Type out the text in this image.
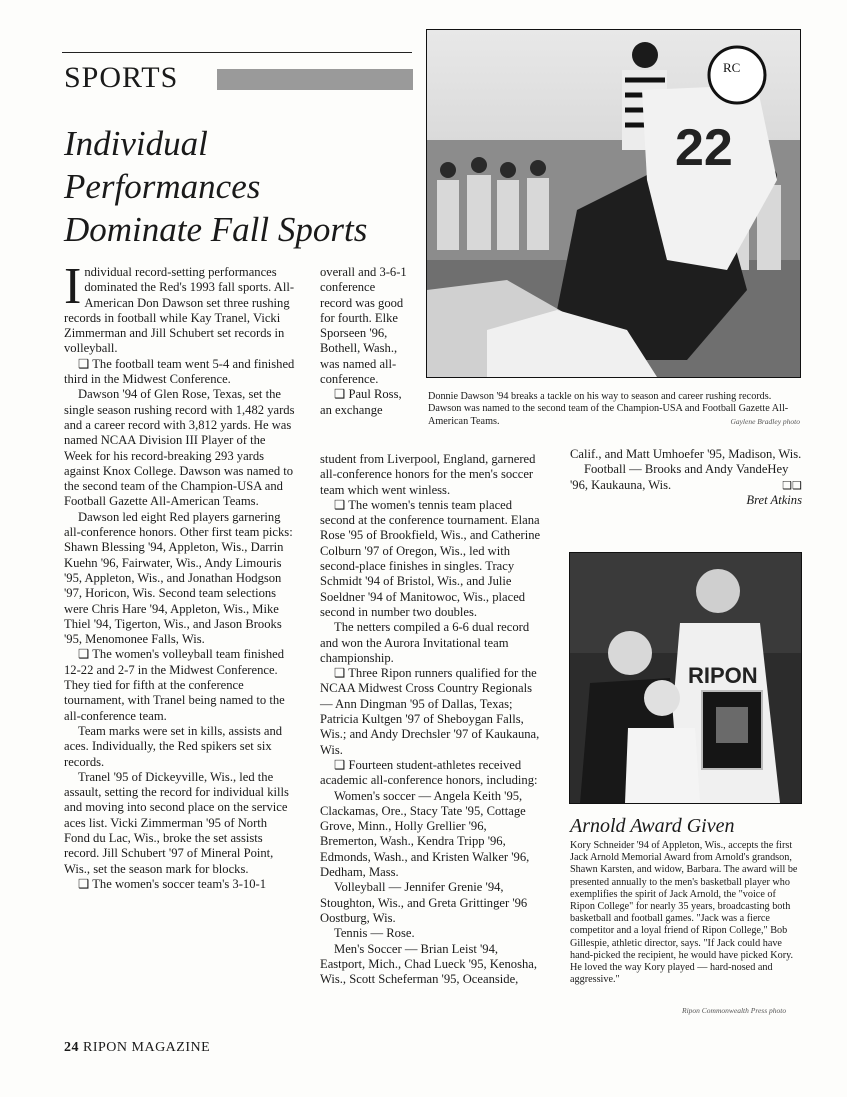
SPORTS
Individual
Performances
Dominate Fall Sports

Individual record-setting performances dominated the Red's 1993 fall sports. All-American Don Dawson set three rushing records in football while Kay Tranel, Vicki Zimmerman and Jill Schubert set records in volleyball.

❑ The football team went 5-4 and finished third in the Midwest Conference.

Dawson '94 of Glen Rose, Texas, set the single season rushing record with 1,482 yards and a career record with 3,812 yards. He was named NCAA Division III Player of the Week for his record-breaking 293 yards against Knox College. Dawson was named to the second team of the Champion-USA and Football Gazette All-American Teams.

Dawson led eight Red players garnering all-conference honors. Other first team picks: Shawn Blessing '94, Appleton, Wis., Darrin Kuehn '96, Fairwater, Wis., Andy Limouris '95, Appleton, Wis., and Jonathan Hodgson '97, Horicon, Wis. Second team selections were Chris Hare '94, Appleton, Wis., Mike Thiel '94, Tigerton, Wis., and Jason Brooks '95, Menomonee Falls, Wis.

❑ The women's volleyball team finished 12-22 and 2-7 in the Midwest Conference. They tied for fifth at the conference tournament, with Tranel being named to the all-conference team.

Team marks were set in kills, assists and aces. Individually, the Red spikers set six records.

Tranel '95 of Dickeyville, Wis., led the assault, setting the record for individual kills and moving into second place on the service aces list. Vicki Zimmerman '95 of North Fond du Lac, Wis., broke the set assists record. Jill Schubert '97 of Mineral Point, Wis., set the season mark for blocks.

❑ The women's soccer team's 3-10-1

overall and 3-6-1 conference record was good for fourth. Elke Sporseen '96, Bothell, Wash., was named all-conference.

❑ Paul Ross, an exchange

student from Liverpool, England, garnered all-conference honors for the men's soccer team which went winless.

❑ The women's tennis team placed second at the conference tournament. Elana Rose '95 of Brookfield, Wis., and Catherine Colburn '97 of Oregon, Wis., led with second-place finishes in singles. Tracy Schmidt '94 of Bristol, Wis., and Julie Soeldner '94 of Manitowoc, Wis., placed second in number two doubles.

The netters compiled a 6-6 dual record and won the Aurora Invitational team championship.

❑ Three Ripon runners qualified for the NCAA Midwest Cross Country Regionals — Ann Dingman '95 of Dallas, Texas; Patricia Kultgen '97 of Sheboygan Falls, Wis.; and Andy Drechsler '97 of Kaukauna, Wis.

❑ Fourteen student-athletes received academic all-conference honors, including:

Women's soccer — Angela Keith '95, Clackamas, Ore., Stacy Tate '95, Cottage Grove, Minn., Holly Grellier '96, Bremerton, Wash., Kendra Tripp '96, Edmonds, Wash., and Kristen Walker '96, Dedham, Mass.

Volleyball — Jennifer Grenie '94, Stoughton, Wis., and Greta Grittinger '96 Oostburg, Wis.

Tennis — Rose.

Men's Soccer — Brian Leist '94, Eastport, Mich., Chad Lueck '95, Kenosha, Wis., Scott Scheferman '95, Oceanside,

Calif., and Matt Umhoefer '95, Madison, Wis.

Football — Brooks and Andy VandeHey '96, Kaukauna, Wis.	❑❑

Bret Atkins
RC
22
Donnie Dawson '94 breaks a tackle on his way to season and career rushing records. Dawson was named to the second team of the Champion-USA and Football Gazette All-American Teams.	Gaylene Bradley photo
RIPON
Arnold Award Given
Kory Schneider '94 of Appleton, Wis., accepts the first Jack Arnold Memorial Award from Arnold's grandson, Shawn Karsten, and widow, Barbara. The award will be presented annually to the men's basketball player who exemplifies the spirit of Jack Arnold, the "voice of Ripon College" for nearly 35 years, broadcasting both basketball and football games. "Jack was a fierce competitor and a loyal friend of Ripon College," Bob Gillespie, athletic director, says. "If Jack could have hand-picked the recipient, he would have picked Kory. He loved the way Kory played — hard-nosed and aggressive."
Ripon Commonwealth Press photo
24 RIPON MAGAZINE
